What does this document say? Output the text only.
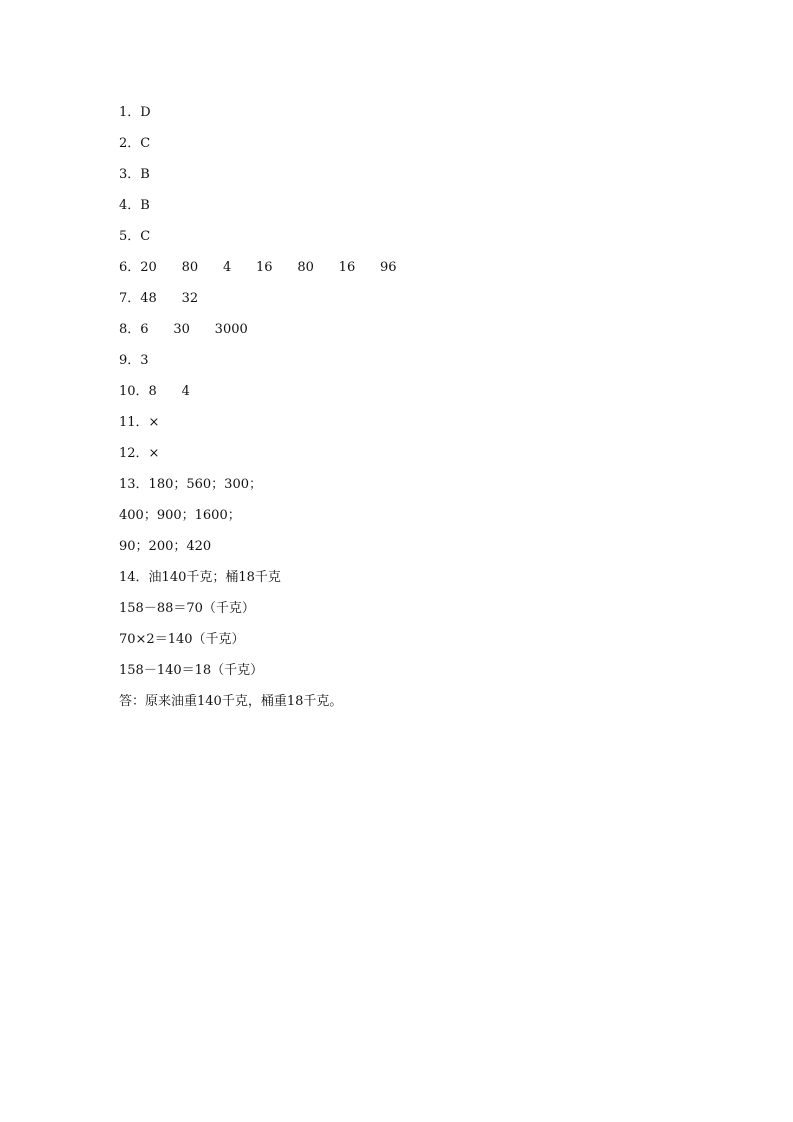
1．D
2．C
3．B
4．B
5．C
6．20      80      4      16      80      16      96
7．48      32
8．6      30      3000
9．3
10．8      4
11．×
12．×
13．180；560；300；
400；900；1600；
90；200；420
14．油140千克；桶18千克
158－88＝70（千克）
70×2＝140（千克）
158－140＝18（千克）
答：原来油重140千克，桶重18千克。
